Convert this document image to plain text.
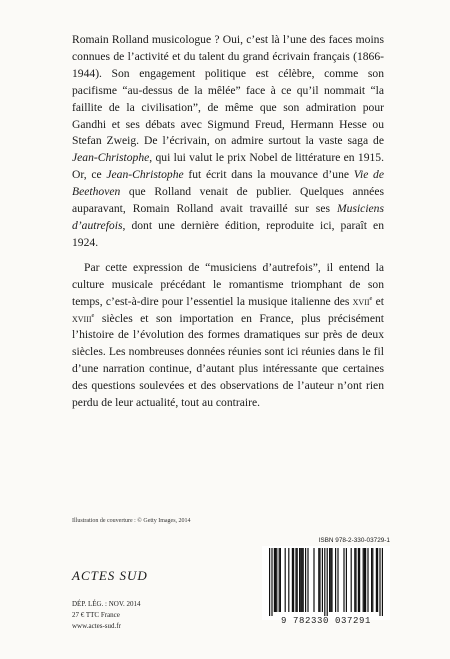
Romain Rolland musicologue ? Oui, c’est là l’une des faces moins connues de l’activité et du talent du grand écrivain français (1866-1944). Son engagement politique est célèbre, comme son pacifisme “au-dessus de la mêlée” face à ce qu’il nommait “la faillite de la civilisation”, de même que son admiration pour Gandhi et ses débats avec Sigmund Freud, Hermann Hesse ou Stefan Zweig. De l’écrivain, on admire surtout la vaste saga de Jean-Christophe, qui lui valut le prix Nobel de littérature en 1915. Or, ce Jean-Christophe fut écrit dans la mouvance d’une Vie de Beethoven que Rolland venait de publier. Quelques années auparavant, Romain Rolland avait travaillé sur ses Musiciens d’autrefois, dont une dernière édition, reproduite ici, paraît en 1924.

Par cette expression de “musiciens d’autrefois”, il entend la culture musicale précédant le romantisme triomphant de son temps, c’est-à-dire pour l’essentiel la musique italienne des xvii$^e$ et xviii$^e$ siècles et son importation en France, plus précisément l’histoire de l’évolution des formes dramatiques sur près de deux siècles. Les nombreuses données réunies sont ici réunies dans le fil d’une narration continue, d’autant plus intéressante que certaines des questions soulevées et des observations de l’auteur n’ont rien perdu de leur actualité, tout au contraire.

Illustration de couverture : © Getty Images, 2014
ACTES SUD
DÉP. LÉG. : NOV. 2014
27 € TTC France
www.actes-sud.fr
ISBN 978-2-330-03729-1
9 782330 037291
